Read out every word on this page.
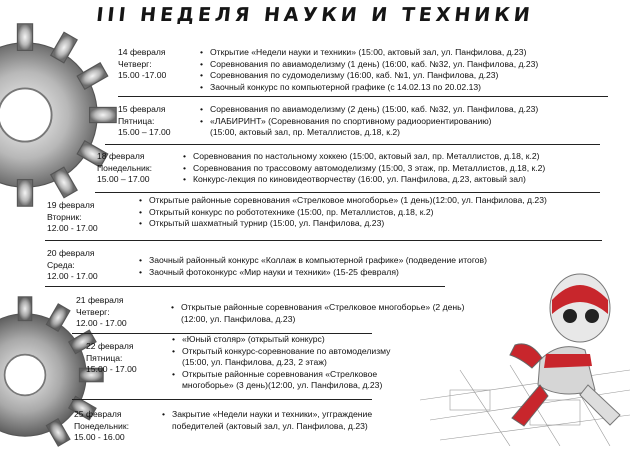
III НЕДЕЛЯ НАУКИ И ТЕХНИКИ
14 февраля
Четверг:
15.00 -17.00
• Открытие «Недели науки и техники» (15:00, актовый зал, ул. Панфилова, д.23)
• Соревнования по авиамоделизму (1 день) (16:00, каб. №32, ул. Панфилова, д.23)
• Соревнования по судомоделизму (16:00, каб. №1, ул. Панфилова, д.23)
• Заочный конкурс по компьютерной графике (с 14.02.13 по 20.02.13)
15 февраля
Пятница:
15.00 – 17.00
• Соревнования по авиамоделизму (2 день) (15:00, каб. №32, ул. Панфилова, д.23)
• «ЛАБИРИНТ» (Соревнования по спортивному радиоориентированию)
(15:00, актовый зал, пр. Металлистов, д.18, к.2)
18 февраля
Понедельник:
15.00 – 17.00
• Соревнования по настольному хоккею (15:00, актовый зал, пр. Металлистов, д.18, к.2)
• Соревнования по трассовому автомоделизму (15:00, 3 этаж, пр. Металлистов, д.18, к.2)
• Конкурс-лекция по киновидеотворчеству (16:00, ул. Панфилова, д.23, актовый зал)
19 февраля
Вторник:
12.00 - 17.00
• Открытые районные соревнования «Стрелковое многоборье» (1 день)(12:00, ул. Панфилова, д.23)
• Открытый конкурс по робототехнике (15:00, пр. Металлистов, д.18, к.2)
• Открытый шахматный турнир (15:00, ул. Панфилова, д.23)
20 февраля
Среда:
12.00 - 17.00
• Заочный районный конкурс «Коллаж в компьютерной графике» (подведение итогов)
• Заочный фотоконкурс «Мир науки и техники» (15-25 февраля)
21 февраля
Четверг:
12.00 - 17.00
• Открытые районные соревнования «Стрелковое многоборье» (2 день)
(12:00, ул. Панфилова, д.23)
22 февраля
Пятница:
15.00 - 17.00
• «Юный столяр» (открытый конкурс)
• Открытый конкурс-соревнование по автомоделизму
(15:00, ул. Панфилова, д.23, 2 этаж)
• Открытые районные соревнования «Стрелковое
многоборье» (3 день)(12:00, ул. Панфилова, д.23)
25 февраля
Понедельник:
15.00 - 16.00
• Закрытие «Недели науки и техники», угграждение
победителей (актовый зал, ул. Панфилова, д.23)
